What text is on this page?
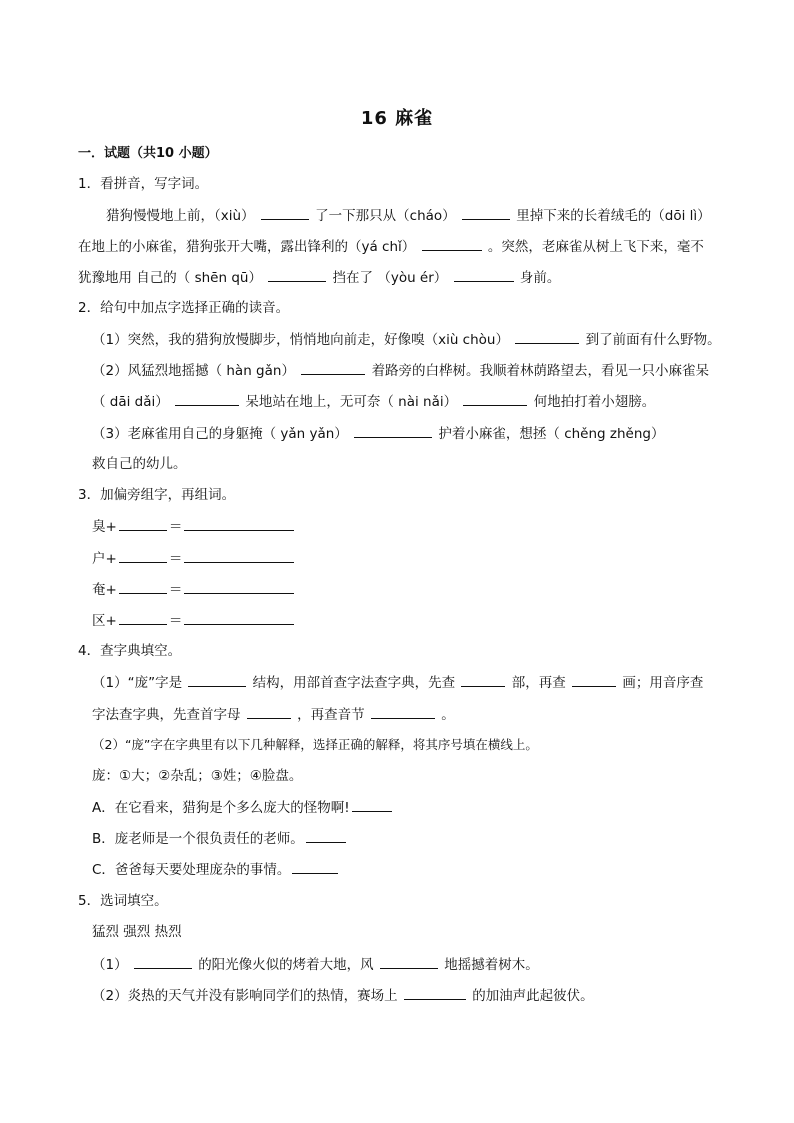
16 麻雀
一．试题（共10 小题）
1．看拼音，写字词。
猎狗慢慢地上前，（xiù）	了一下那只从（cháo）	里掉下来的长着绒毛的（dōi lì）
在地上的小麻雀，猎狗张开大嘴，露出锋利的（yá chǐ）	。突然，老麻雀从树上飞下来，毫不
犹豫地用 自己的（ shēn qū）	挡在了 （yòu ér）	身前。
2．给句中加点字选择正确的读音。
（1）突然，我的猎狗放慢脚步，悄悄地向前走，好像嗅（xiù chòu）	到了前面有什么野物。
（2）风猛烈地摇撼（ hàn gǎn）	着路旁的白桦树。我顺着林荫路望去，看见一只小麻雀呆
（ dāi dǎi）	呆地站在地上，无可奈（ nài nǎi）	何地拍打着小翅膀。
（3）老麻雀用自己的身躯掩（ yǎn yǎn）	护着小麻雀，想拯（ chěng zhěng）
救自己的幼儿。
3．加偏旁组字，再组词。
臭+	＝
户+	＝
奄+	＝
区+	＝
4．查字典填空。
（1）“庞”字是	结构，用部首查字法查字典，先查	部，再查	画；用音序查
字法查字典，先查首字母	，再查音节	。
（2）“庞”字在字典里有以下几种解释，选择正确的解释，将其序号填在横线上。
庞：①大；②杂乱；③姓；④脸盘。
A．在它看来，猎狗是个多么庞大的怪物啊!
B．庞老师是一个很负责任的老师。
C．爸爸每天要处理庞杂的事情。
5．选词填空。
猛烈 强烈 热烈
（1）	的阳光像火似的烤着大地，风	地摇撼着树木。
（2）炎热的天气并没有影响同学们的热情，赛场上	的加油声此起彼伏。
